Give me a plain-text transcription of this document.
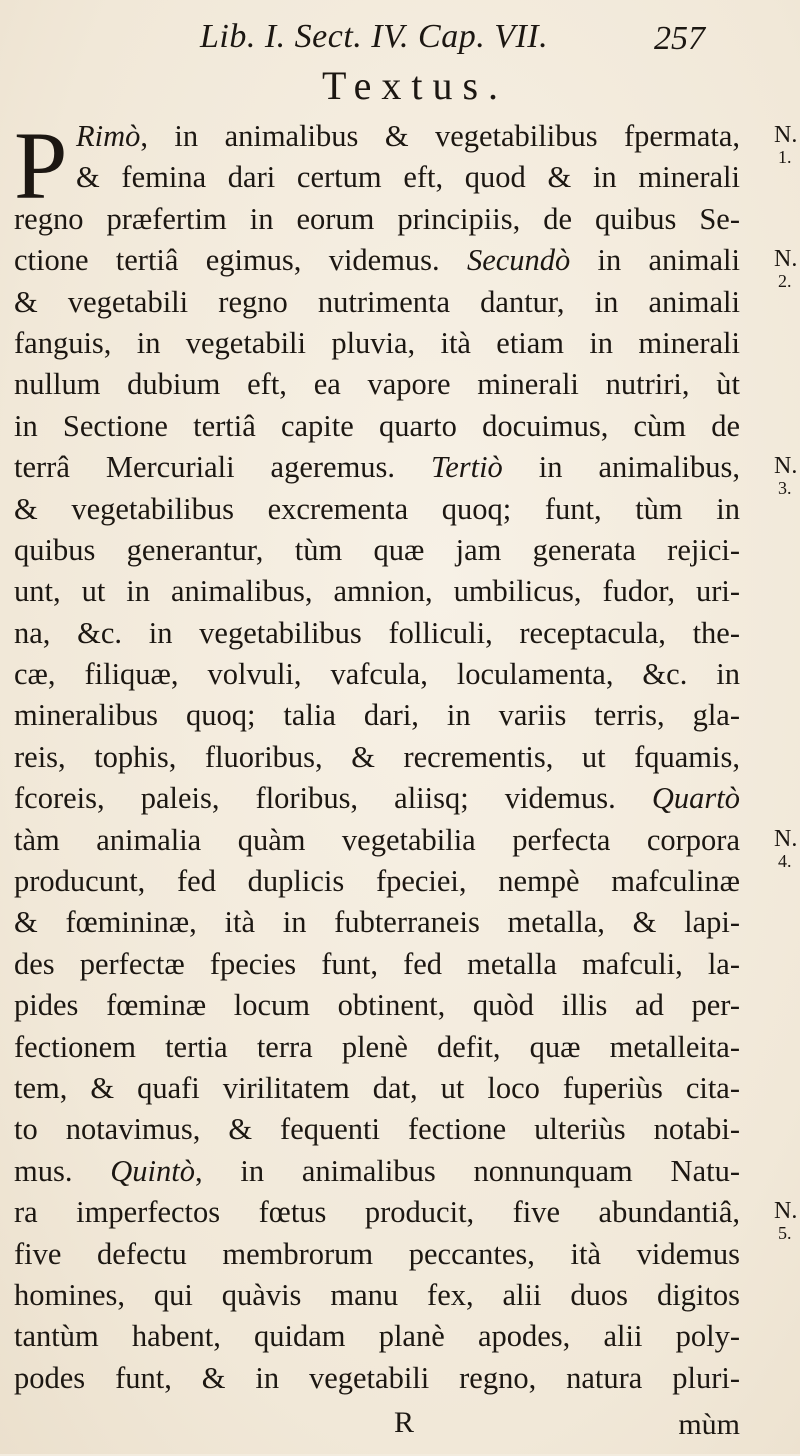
Lib. I. Sect. IV. Cap. VII.	257
Textus.
P Rimò, in animalibus & vegetabilibus fpermata,
& femina dari certum eft, quod & in minerali
regno præfertim in eorum principiis, de quibus Se-
ctione tertiâ egimus, videmus. Secundò in animali
& vegetabili regno nutrimenta dantur, in animali
fanguis, in vegetabili pluvia, ità etiam in minerali
nullum dubium eft, ea vapore minerali nutriri, ùt
in Sectione tertiâ capite quarto docuimus, cùm de
terrâ Mercuriali ageremus. Tertiò in animalibus,
& vegetabilibus excrementa quoq; funt, tùm in
quibus generantur, tùm quæ jam generata rejici-
unt, ut in animalibus, amnion, umbilicus, fudor, uri-
na, &c. in vegetabilibus folliculi, receptacula, the-
cæ, filiquæ, volvuli, vafcula, loculamenta, &c. in
mineralibus quoq; talia dari, in variis terris, gla-
reis, tophis, fluoribus, & recrementis, ut fquamis,
fcoreis, paleis, floribus, aliisq; videmus. Quartò
tàm animalia quàm vegetabilia perfecta corpora
producunt, fed duplicis fpeciei, nempè mafculinæ
& fœmininæ, ità in fubterraneis metalla, & lapi-
des perfectæ fpecies funt, fed metalla mafculi, la-
pides fœminæ locum obtinent, quòd illis ad per-
fectionem tertia terra plenè defit, quæ metalleita-
tem, & quafi virilitatem dat, ut loco fuperiùs cita-
to notavimus, & fequenti fectione ulteriùs notabi-
mus. Quintò, in animalibus nonnunquam Natu-
ra imperfectos fœtus producit, five abundantiâ,
five defectu membrorum peccantes, ità videmus
homines, qui quàvis manu fex, alii duos digitos
tantùm habent, quidam planè apodes, alii poly-
podes funt, & in vegetabili regno, natura pluri-
N.
1.
N.
2.
N.
3.
N.
4.
N.
5.
R	mùm
